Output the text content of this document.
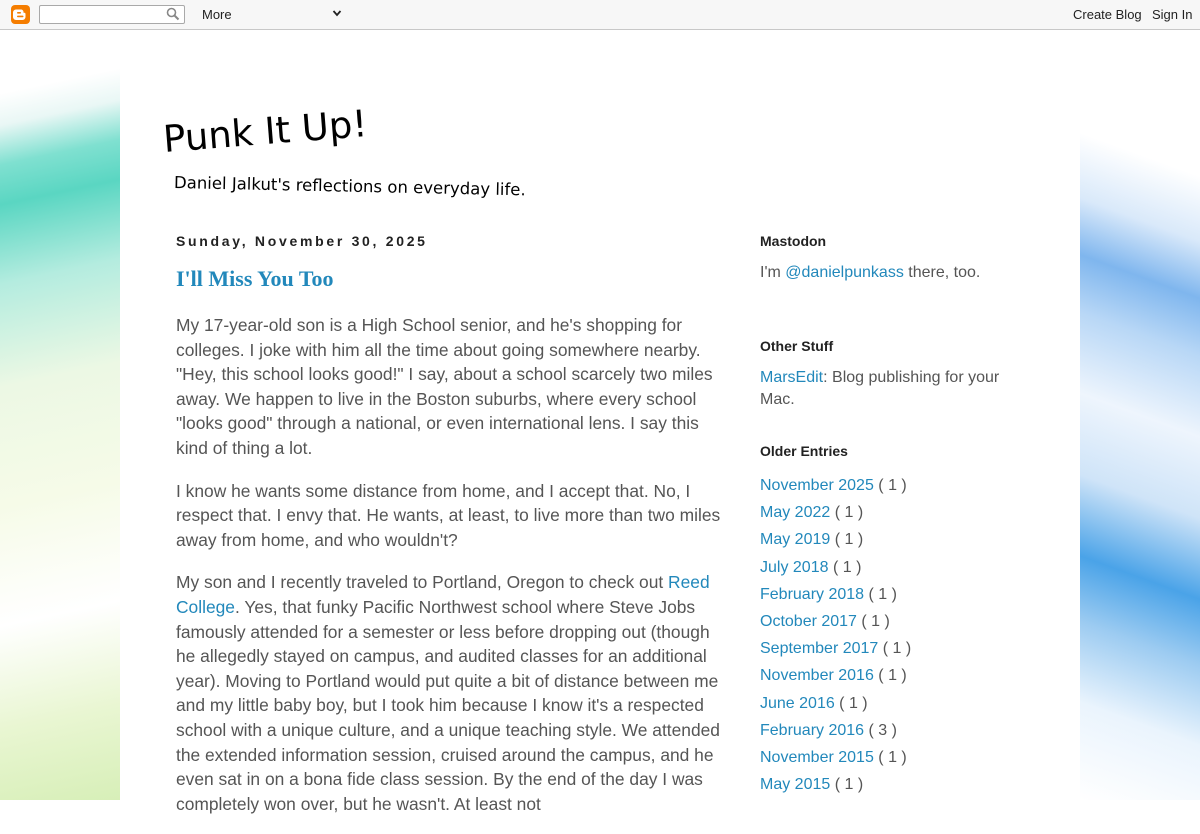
More	Create Blog Sign In
Punk It Up!
Daniel Jalkut's reflections on everyday life.
Sunday, November 30, 2025
I'll Miss You Too

My 17-year-old son is a High School senior, and he's shopping for colleges. I joke with him all the time about going somewhere nearby. "Hey, this school looks good!" I say, about a school scarcely two miles away. We happen to live in the Boston suburbs, where every school "looks good" through a national, or even international lens. I say this kind of thing a lot.

I know he wants some distance from home, and I accept that. No, I respect that. I envy that. He wants, at least, to live more than two miles away from home, and who wouldn't?

My son and I recently traveled to Portland, Oregon to check out Reed College. Yes, that funky Pacific Northwest school where Steve Jobs famously attended for a semester or less before dropping out (though he allegedly stayed on campus, and audited classes for an additional year). Moving to Portland would put quite a bit of distance between me and my little baby boy, but I took him because I know it's a respected school with a unique culture, and a unique teaching style. We attended the extended information session, cruised around the campus, and he even sat in on a bona fide class session. By the end of the day I was completely won over, but he wasn't. At least not

Mastodon
I'm @danielpunkass there, too.
Other Stuff
MarsEdit: Blog publishing for your Mac.
Older Entries
November 2025 ( 1 )
May 2022 ( 1 )
May 2019 ( 1 )
July 2018 ( 1 )
February 2018 ( 1 )
October 2017 ( 1 )
September 2017 ( 1 )
November 2016 ( 1 )
June 2016 ( 1 )
February 2016 ( 3 )
November 2015 ( 1 )
May 2015 ( 1 )
